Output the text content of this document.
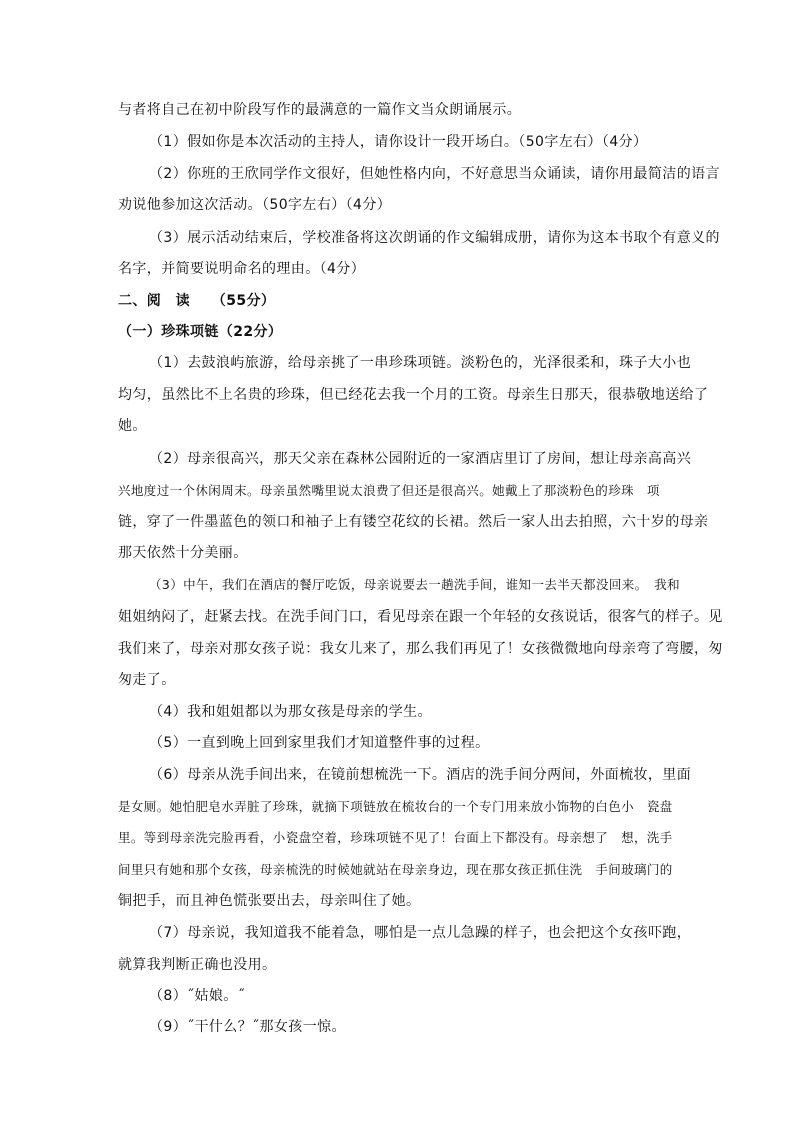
与者将自己在初中阶段写作的最满意的一篇作文当众朗诵展示。
（1）假如你是本次活动的主持人，请你设计一段开场白。（50字左右）（4分）
（2）你班的王欣同学作文很好，但她性格内向，不好意思当众诵读，请你用最简洁的语言
劝说他参加这次活动。（50字左右）（4分）
（3）展示活动结束后，学校准备将这次朗诵的作文编辑成册，请你为这本书取个有意义的
名字，并简要说明命名的理由。（4分）
二、阅　读　　（55分）
（一）珍珠项链（22分）
（1）去鼓浪屿旅游，给母亲挑了一串珍珠项链。淡粉色的，光泽很柔和，珠子大小也
均匀，虽然比不上名贵的珍珠，但已经花去我一个月的工资。母亲生日那天，很恭敬地送给了
她。
（2）母亲很高兴，那天父亲在森林公园附近的一家酒店里订了房间，想让母亲高高兴
兴地度过一个休闲周末。母亲虽然嘴里说太浪费了但还是很高兴。她戴上了那淡粉色的珍珠　项
链，穿了一件墨蓝色的领口和袖子上有镂空花纹的长裙。然后一家人出去拍照，六十岁的母亲
那天依然十分美丽。
（3）中午，我们在酒店的餐厅吃饭，母亲说要去一趟洗手间，谁知一去半天都没回来。　我和
姐姐纳闷了，赶紧去找。在洗手间门口，看见母亲在跟一个年轻的女孩说话，很客气的样子。见
我们来了，母亲对那女孩子说：我女儿来了，那么我们再见了！女孩微微地向母亲弯了弯腰，匆
匆走了。
（4）我和姐姐都以为那女孩是母亲的学生。
（5）一直到晚上回到家里我们才知道整件事的过程。
（6）母亲从洗手间出来，在镜前想梳洗一下。酒店的洗手间分两间，外面梳妆，里面
是女厕。她怕肥皂水弄脏了珍珠，就摘下项链放在梳妆台的一个专门用来放小饰物的白色小　瓷盘
里。等到母亲洗完脸再看，小瓷盘空着，珍珠项链不见了！台面上下都没有。母亲想了　想，洗手
间里只有她和那个女孩，母亲梳洗的时候她就站在母亲身边，现在那女孩正抓住洗　手间玻璃门的
铜把手，而且神色慌张要出去，母亲叫住了她。
（7）母亲说，我知道我不能着急，哪怕是一点儿急躁的样子，也会把这个女孩吓跑，
就算我判断正确也没用。
（8）˝姑娘。˝
（9）˝干什么？˝那女孩一惊。
